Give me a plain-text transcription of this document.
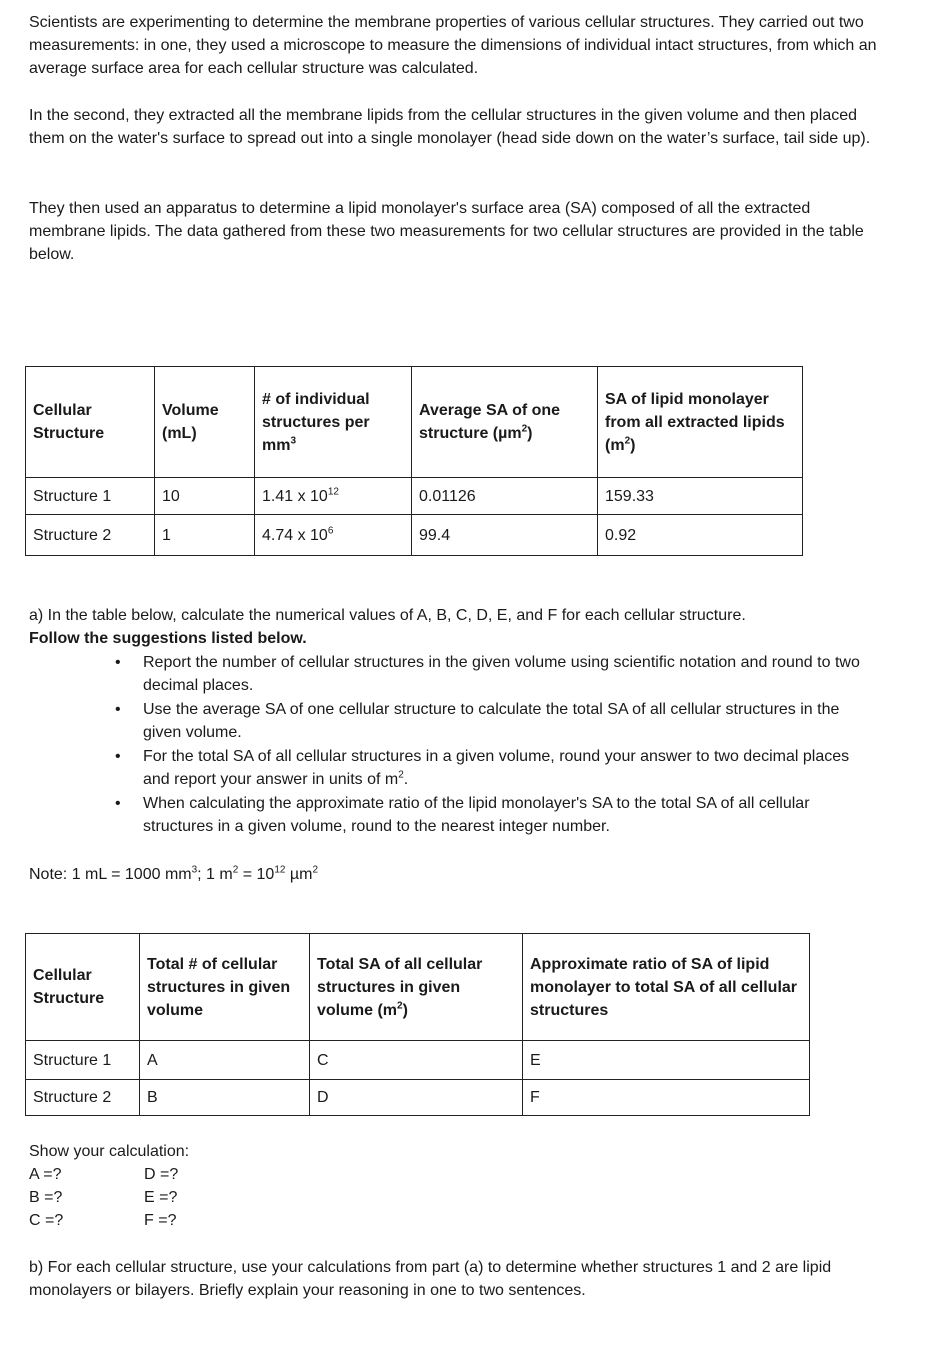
Scientists are experimenting to determine the membrane properties of various cellular structures. They carried out two measurements: in one, they used a microscope to measure the dimensions of individual intact structures, from which an average surface area for each cellular structure was calculated.

In the second, they extracted all the membrane lipids from the cellular structures in the given volume and then placed them on the water's surface to spread out into a single monolayer (head side down on the water’s surface, tail side up).

They then used an apparatus to determine a lipid monolayer's surface area (SA) composed of all the extracted membrane lipids. The data gathered from these two measurements for two cellular structures are provided in the table below.

Cellular Structure	Volume (mL)	# of individual structures per $mm^3$	Average SA of one structure (µm$^2$)	SA of lipid monolayer from all extracted lipids $(m^2)$
Structure 1	10	1.41 x $10^{12}$	0.01126	159.33
Structure 2	1	4.74 x $10^6$	99.4	0.92

a) In the table below, calculate the numerical values of A, B, C, D, E, and F for each cellular structure.

Follow the suggestions listed below.

• Report the number of cellular structures in the given volume using scientific notation and round to two decimal places.
• Use the average SA of one cellular structure to calculate the total SA of all cellular structures in the given volume.
• For the total SA of all cellular structures in a given volume, round your answer to two decimal places and report your answer in units of $m^2$.
• When calculating the approximate ratio of the lipid monolayer's SA to the total SA of all cellular structures in a given volume, round to the nearest integer number.

Note: 1 mL = 1000 $mm^3$; 1 $m^2 = 10^{12}$ µm$^2$

Cellular Structure	Total # of cellular structures in given volume	Total SA of all cellular structures in given volume $(m^2)$	Approximate ratio of SA of lipid monolayer to total SA of all cellular structures
Structure 1	A	C	E
Structure 2	B	D	F
Show your calculation:
A =?
B =?
C =?
D =?
E =?
F =?

b) For each cellular structure, use your calculations from part (a) to determine whether structures 1 and 2 are lipid monolayers or bilayers. Briefly explain your reasoning in one to two sentences.
